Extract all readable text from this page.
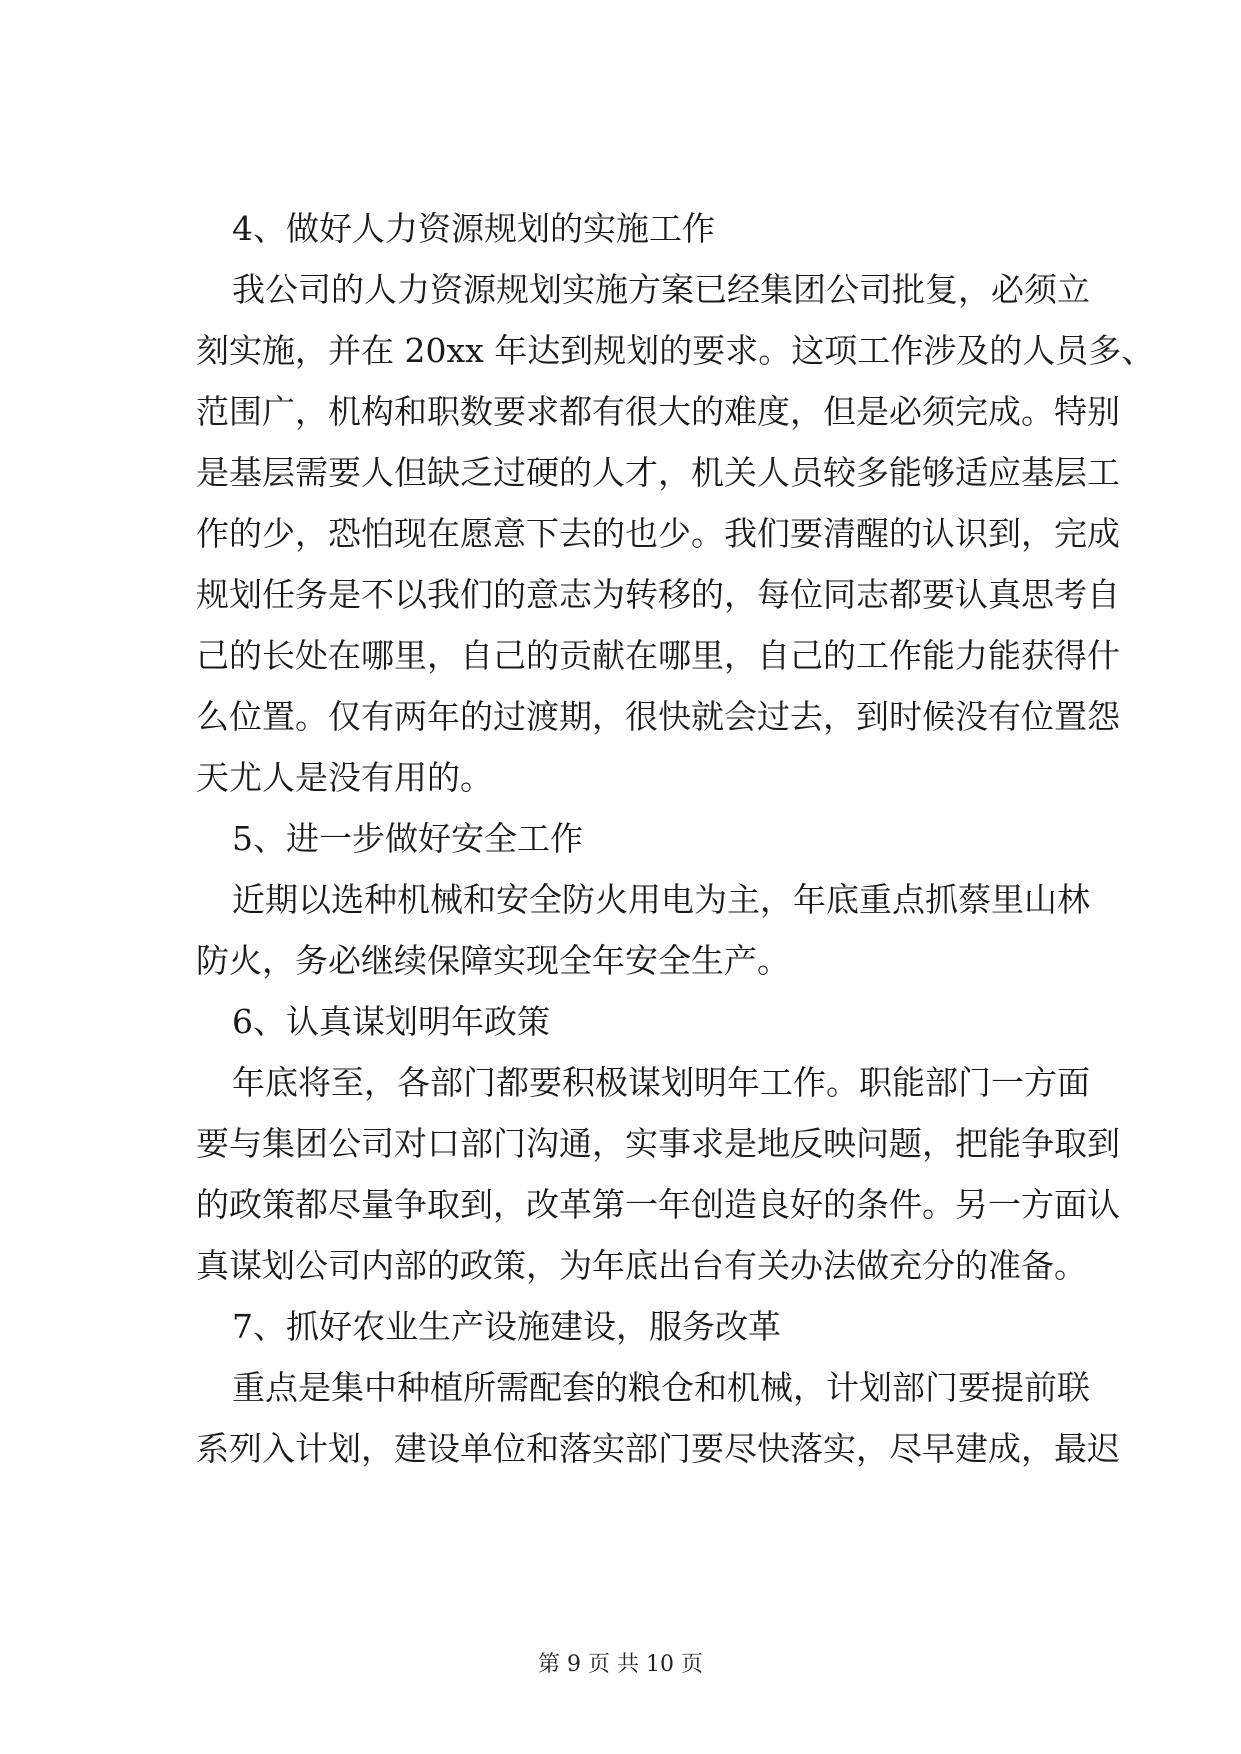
4、做好人力资源规划的实施工作
我公司的人力资源规划实施方案已经集团公司批复，必须立
刻实施，并在 20xx 年达到规划的要求。这项工作涉及的人员多、
范围广，机构和职数要求都有很大的难度，但是必须完成。特别
是基层需要人但缺乏过硬的人才，机关人员较多能够适应基层工
作的少，恐怕现在愿意下去的也少。我们要清醒的认识到，完成
规划任务是不以我们的意志为转移的，每位同志都要认真思考自
己的长处在哪里，自己的贡献在哪里，自己的工作能力能获得什
么位置。仅有两年的过渡期，很快就会过去，到时候没有位置怨
天尤人是没有用的。
5、进一步做好安全工作
近期以选种机械和安全防火用电为主，年底重点抓蔡里山林
防火，务必继续保障实现全年安全生产。
6、认真谋划明年政策
年底将至，各部门都要积极谋划明年工作。职能部门一方面
要与集团公司对口部门沟通，实事求是地反映问题，把能争取到
的政策都尽量争取到，改革第一年创造良好的条件。另一方面认
真谋划公司内部的政策，为年底出台有关办法做充分的准备。
7、抓好农业生产设施建设，服务改革
重点是集中种植所需配套的粮仓和机械，计划部门要提前联
系列入计划，建设单位和落实部门要尽快落实，尽早建成，最迟
第 9 页 共 10 页
